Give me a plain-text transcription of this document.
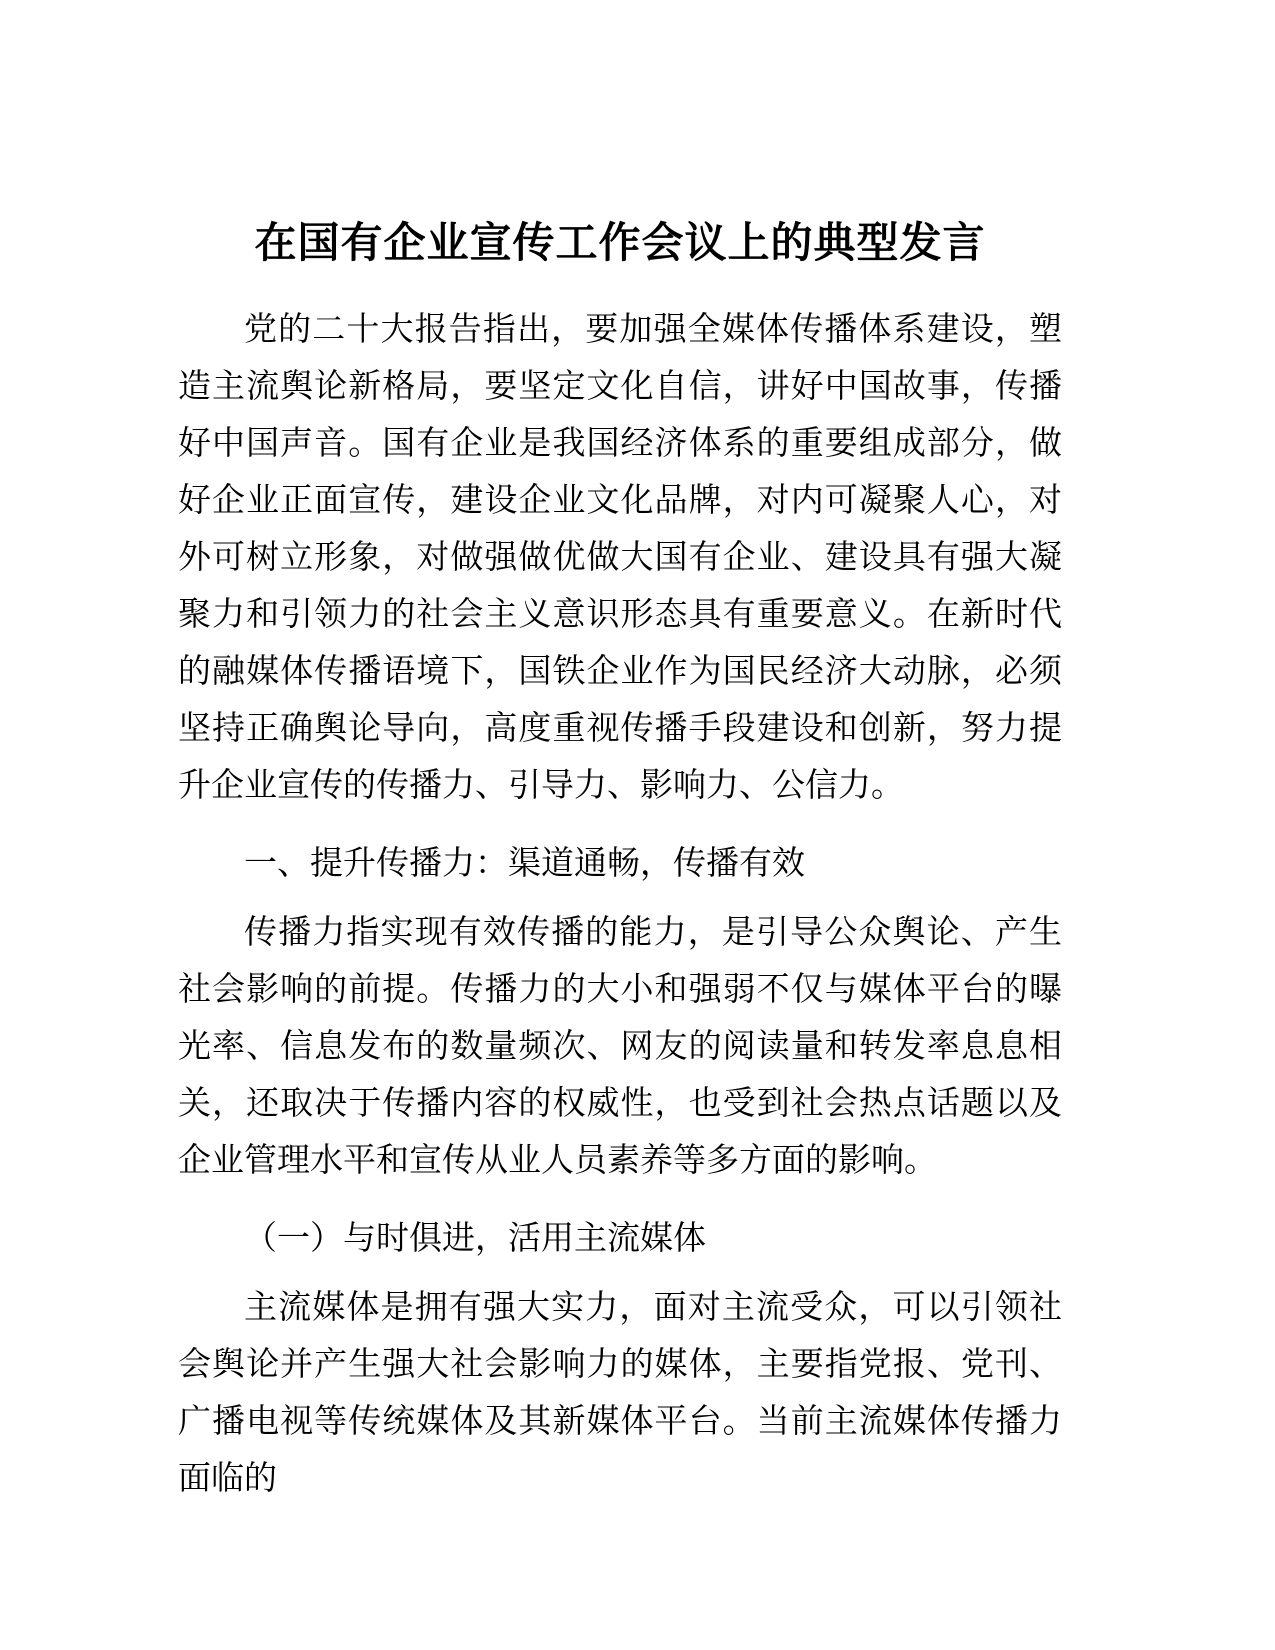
在国有企业宣传工作会议上的典型发言

党的二十大报告指出，要加强全媒体传播体系建设，塑造主流舆论新格局，要坚定文化自信，讲好中国故事，传播好中国声音。国有企业是我国经济体系的重要组成部分，做好企业正面宣传，建设企业文化品牌，对内可凝聚人心，对外可树立形象，对做强做优做大国有企业、建设具有强大凝聚力和引领力的社会主义意识形态具有重要意义。在新时代的融媒体传播语境下，国铁企业作为国民经济大动脉，必须坚持正确舆论导向，高度重视传播手段建设和创新，努力提升企业宣传的传播力、引导力、影响力、公信力。

一、提升传播力：渠道通畅，传播有效

传播力指实现有效传播的能力，是引导公众舆论、产生社会影响的前提。传播力的大小和强弱不仅与媒体平台的曝光率、信息发布的数量频次、网友的阅读量和转发率息息相关，还取决于传播内容的权威性，也受到社会热点话题以及企业管理水平和宣传从业人员素养等多方面的影响。

（一）与时俱进，活用主流媒体

主流媒体是拥有强大实力，面对主流受众，可以引领社会舆论并产生强大社会影响力的媒体，主要指党报、党刊、广播电视等传统媒体及其新媒体平台。当前主流媒体传播力面临的
